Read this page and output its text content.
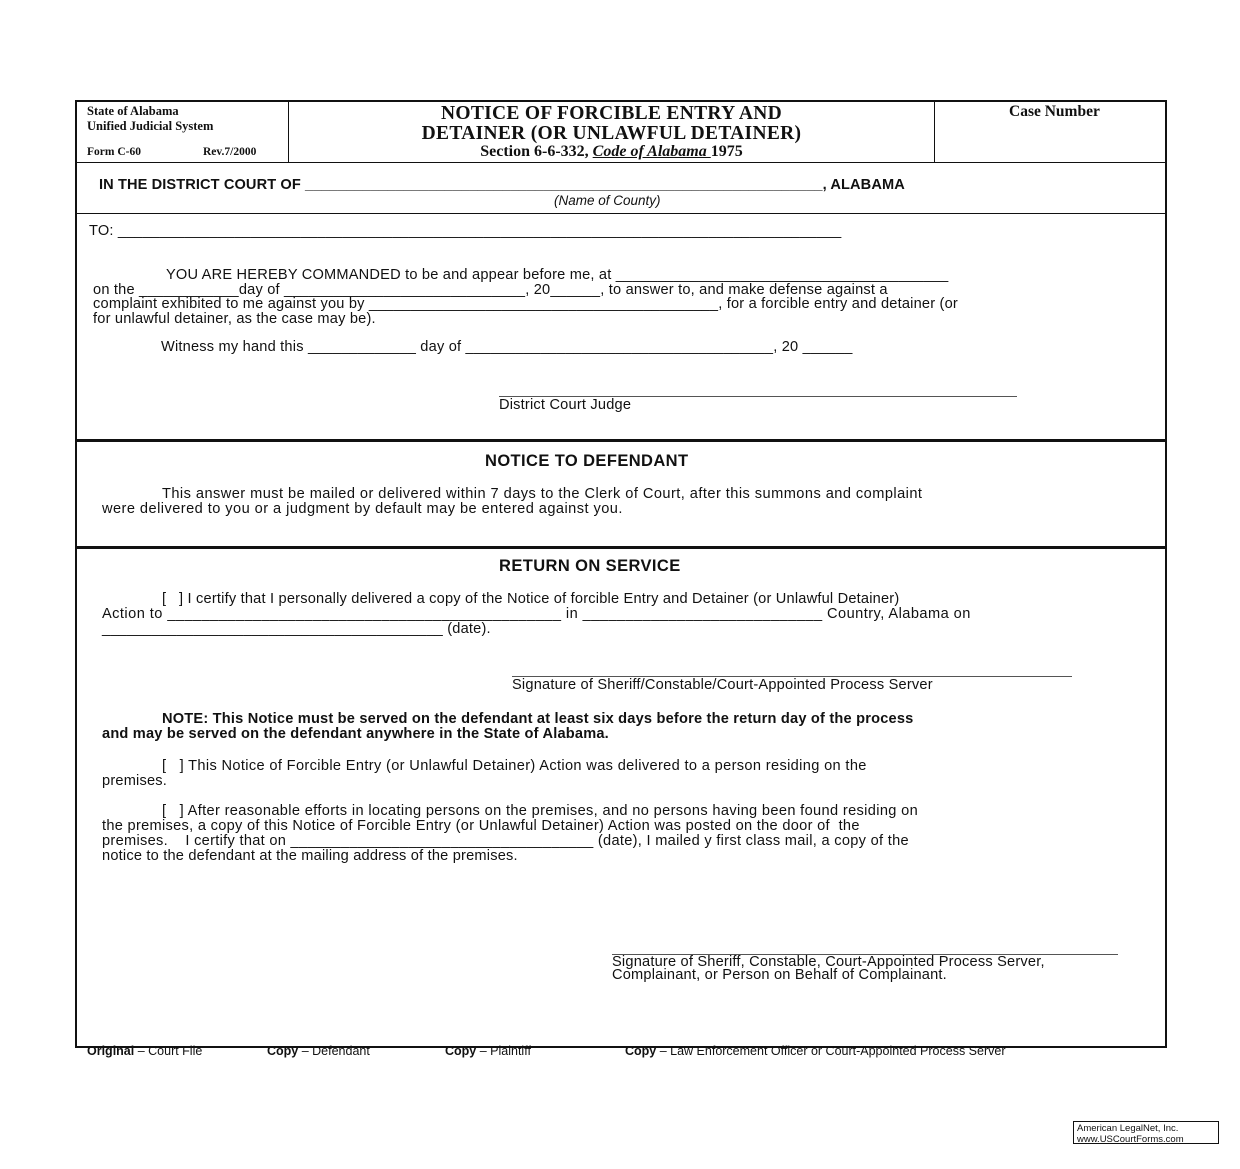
State of Alabama
Unified Judicial System
Form C-60	Rev.7/2000
NOTICE OF FORCIBLE ENTRY AND
DETAINER (OR UNLAWFUL DETAINER)
Section 6-6-332, Code of Alabama 1975
Case Number
IN THE DISTRICT COURT OF _______________________________________________________________, ALABAMA
(Name of County)
TO: _______________________________________________________________________________________
YOU ARE HEREBY COMMANDED to be and appear before me, at ________________________________________
on the ____________day of _____________________________, 20______, to answer to, and make defense against a
complaint exhibited to me against you by __________________________________________, for a forcible entry and detainer (or
for unlawful detainer, as the case may be).
Witness my hand this _____________ day of _____________________________________, 20 ______
District Court Judge
NOTICE TO DEFENDANT
This answer must be mailed or delivered within 7 days to the Clerk of Court, after this summons and complaint
were delivered to you or a judgment by default may be entered against you.
RETURN ON SERVICE
[   ] I certify that I personally delivered a copy of the Notice of forcible Entry and Detainer (or Unlawful Detainer)
Action to ______________________________________________ in ____________________________ Country, Alabama on
_________________________________________ (date).
Signature of Sheriff/Constable/Court-Appointed Process Server
NOTE: This Notice must be served on the defendant at least six days before the return day of the process
and may be served on the defendant anywhere in the State of Alabama.
[   ] This Notice of Forcible Entry (or Unlawful Detainer) Action was delivered to a person residing on the
premises.
[   ] After reasonable efforts in locating persons on the premises, and no persons having been found residing on
the premises, a copy of this Notice of Forcible Entry (or Unlawful Detainer) Action was posted on the door of  the
premises.    I certify that on ____________________________________ (date), I mailed y first class mail, a copy of the
notice to the defendant at the mailing address of the premises.
Signature of Sheriff, Constable, Court-Appointed Process Server,
Complainant, or Person on Behalf of Complainant.
Original – Court File	Copy – Defendant	Copy – Plaintiff	Copy – Law Enforcement Officer or Court-Appointed Process Server
American LegalNet, Inc.
www.USCourtForms.com
